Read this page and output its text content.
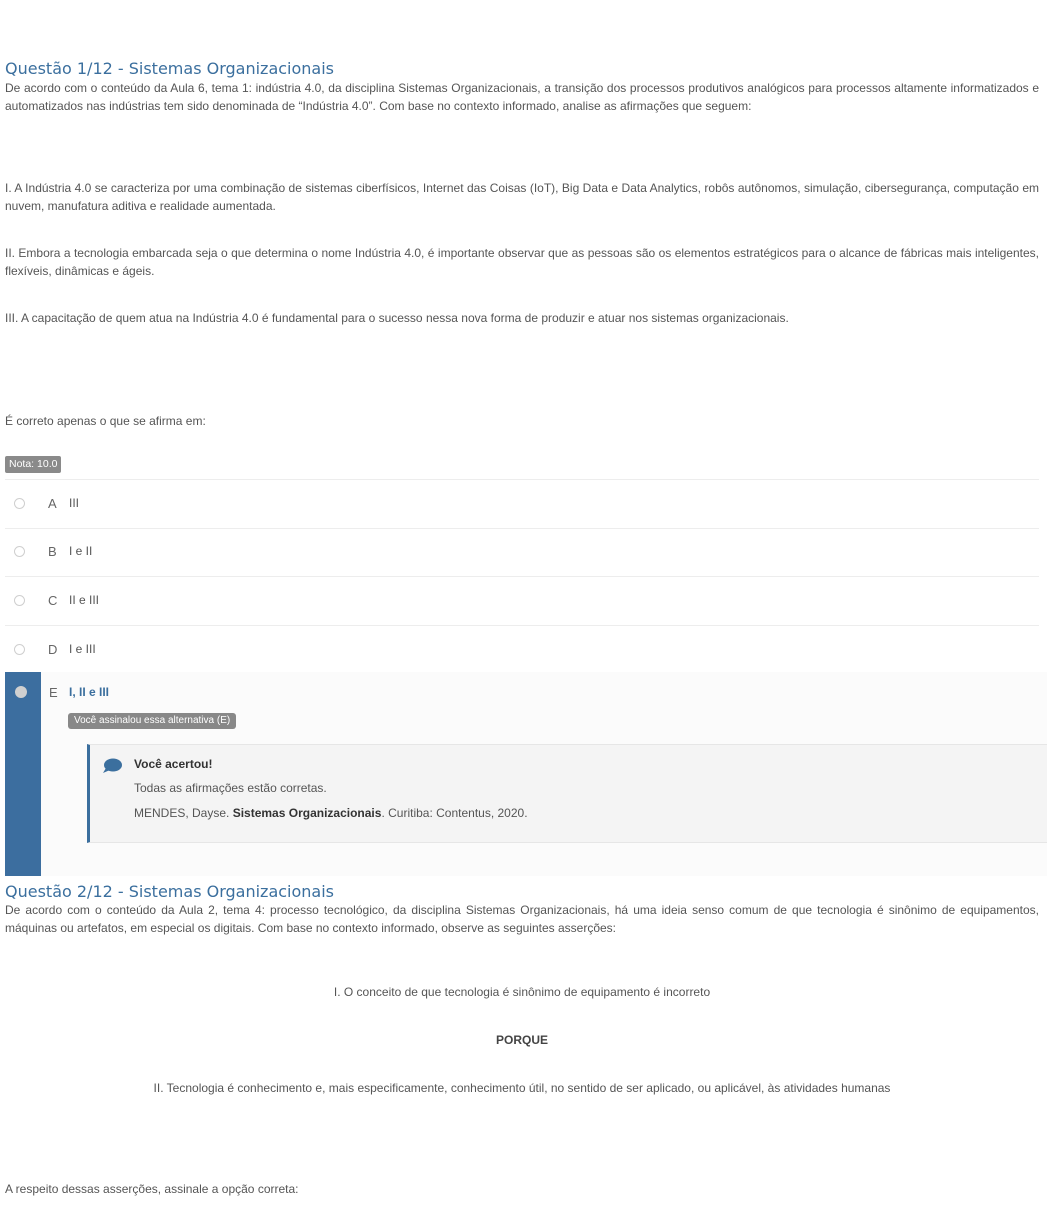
Questão 1/12 - Sistemas Organizacionais

De acordo com o conteúdo da Aula 6, tema 1: indústria 4.0, da disciplina Sistemas Organizacionais, a transição dos processos produtivos analógicos para processos altamente informatizados e automatizados nas indústrias tem sido denominada de “Indústria 4.0”. Com base no contexto informado, analise as afirmações que seguem:

I. A Indústria 4.0 se caracteriza por uma combinação de sistemas ciberfísicos, Internet das Coisas (IoT), Big Data e Data Analytics, robôs autônomos, simulação, cibersegurança, computação em nuvem, manufatura aditiva e realidade aumentada.

II. Embora a tecnologia embarcada seja o que determina o nome Indústria 4.0, é importante observar que as pessoas são os elementos estratégicos para o alcance de fábricas mais inteligentes, flexíveis, dinâmicas e ágeis.

III. A capacitação de quem atua na Indústria 4.0 é fundamental para o sucesso nessa nova forma de produzir e atuar nos sistemas organizacionais.

É correto apenas o que se afirma em:

Nota: 10.0
A III
B I e II
C II e III
D I e III
E I, II e III
Você assinalou essa alternativa (E)
Você acertou!
Todas as afirmações estão corretas.
MENDES, Dayse. Sistemas Organizacionais. Curitiba: Contentus, 2020.
Questão 2/12 - Sistemas Organizacionais

De acordo com o conteúdo da Aula 2, tema 4: processo tecnológico, da disciplina Sistemas Organizacionais, há uma ideia senso comum de que tecnologia é sinônimo de equipamentos, máquinas ou artefatos, em especial os digitais. Com base no contexto informado, observe as seguintes asserções:

I. O conceito de que tecnologia é sinônimo de equipamento é incorreto

PORQUE

II. Tecnologia é conhecimento e, mais especificamente, conhecimento útil, no sentido de ser aplicado, ou aplicável, às atividades humanas

A respeito dessas asserções, assinale a opção correta:
